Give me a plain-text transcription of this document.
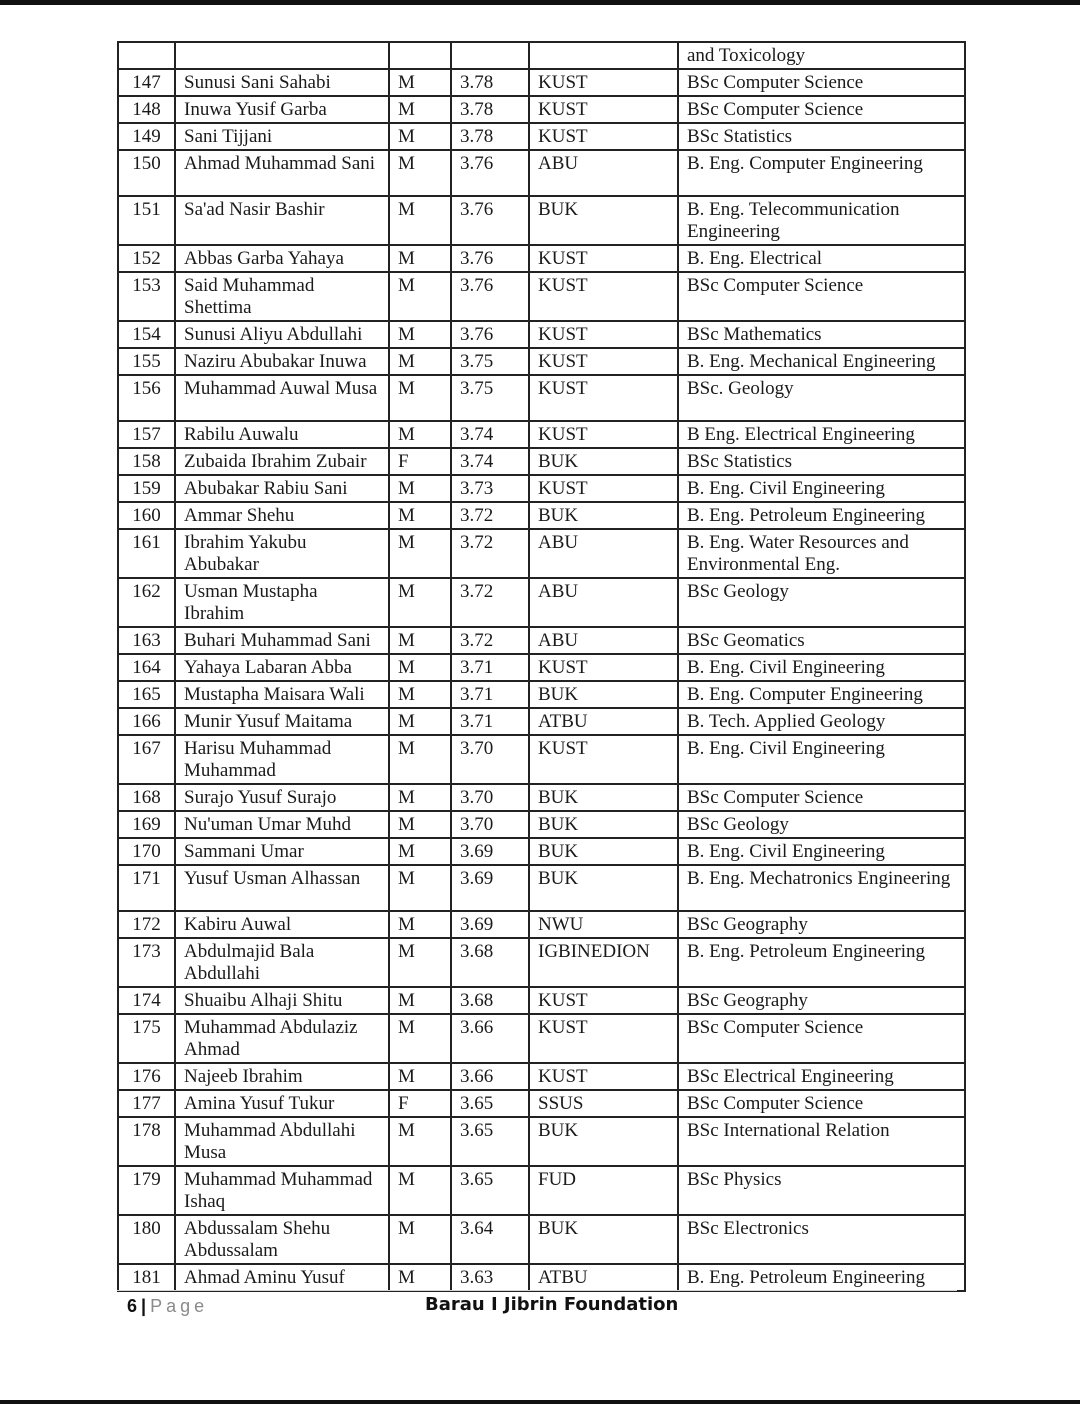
					and Toxicology
147	Sunusi Sani Sahabi	M	3.78	KUST	BSc Computer Science
148	Inuwa Yusif Garba	M	3.78	KUST	BSc Computer Science
149	Sani Tijjani	M	3.78	KUST	BSc Statistics
150	Ahmad Muhammad Sani	M	3.76	ABU	B. Eng. Computer Engineering
151	Sa'ad Nasir Bashir	M	3.76	BUK	B. Eng. Telecommunication Engineering
152	Abbas Garba Yahaya	M	3.76	KUST	B. Eng. Electrical
153	Said Muhammad Shettima	M	3.76	KUST	BSc Computer Science
154	Sunusi Aliyu Abdullahi	M	3.76	KUST	BSc Mathematics
155	Naziru Abubakar Inuwa	M	3.75	KUST	B. Eng. Mechanical Engineering
156	Muhammad Auwal Musa	M	3.75	KUST	BSc. Geology
157	Rabilu Auwalu	M	3.74	KUST	B Eng. Electrical Engineering
158	Zubaida Ibrahim Zubair	F	3.74	BUK	BSc Statistics
159	Abubakar Rabiu Sani	M	3.73	KUST	B. Eng. Civil Engineering
160	Ammar Shehu	M	3.72	BUK	B. Eng. Petroleum Engineering
161	Ibrahim Yakubu Abubakar	M	3.72	ABU	B. Eng. Water Resources and Environmental Eng.
162	Usman Mustapha Ibrahim	M	3.72	ABU	BSc Geology
163	Buhari Muhammad Sani	M	3.72	ABU	BSc Geomatics
164	Yahaya Labaran Abba	M	3.71	KUST	B. Eng. Civil Engineering
165	Mustapha Maisara Wali	M	3.71	BUK	B. Eng. Computer Engineering
166	Munir Yusuf Maitama	M	3.71	ATBU	B. Tech. Applied Geology
167	Harisu Muhammad Muhammad	M	3.70	KUST	B. Eng. Civil Engineering
168	Surajo Yusuf Surajo	M	3.70	BUK	BSc Computer Science
169	Nu'uman Umar Muhd	M	3.70	BUK	BSc Geology
170	Sammani Umar	M	3.69	BUK	B. Eng. Civil Engineering
171	Yusuf Usman Alhassan	M	3.69	BUK	B. Eng. Mechatronics Engineering
172	Kabiru Auwal	M	3.69	NWU	BSc Geography
173	Abdulmajid Bala Abdullahi	M	3.68	IGBINEDION	B. Eng. Petroleum Engineering
174	Shuaibu Alhaji Shitu	M	3.68	KUST	BSc Geography
175	Muhammad Abdulaziz Ahmad	M	3.66	KUST	BSc Computer Science
176	Najeeb Ibrahim	M	3.66	KUST	BSc Electrical Engineering
177	Amina Yusuf Tukur	F	3.65	SSUS	BSc Computer Science
178	Muhammad Abdullahi Musa	M	3.65	BUK	BSc International Relation
179	Muhammad Muhammad Ishaq	M	3.65	FUD	BSc Physics
180	Abdussalam Shehu Abdussalam	M	3.64	BUK	BSc Electronics
181	Ahmad Aminu Yusuf	M	3.63	ATBU	B. Eng. Petroleum Engineering
6 | Page	Barau I Jibrin Foundation
